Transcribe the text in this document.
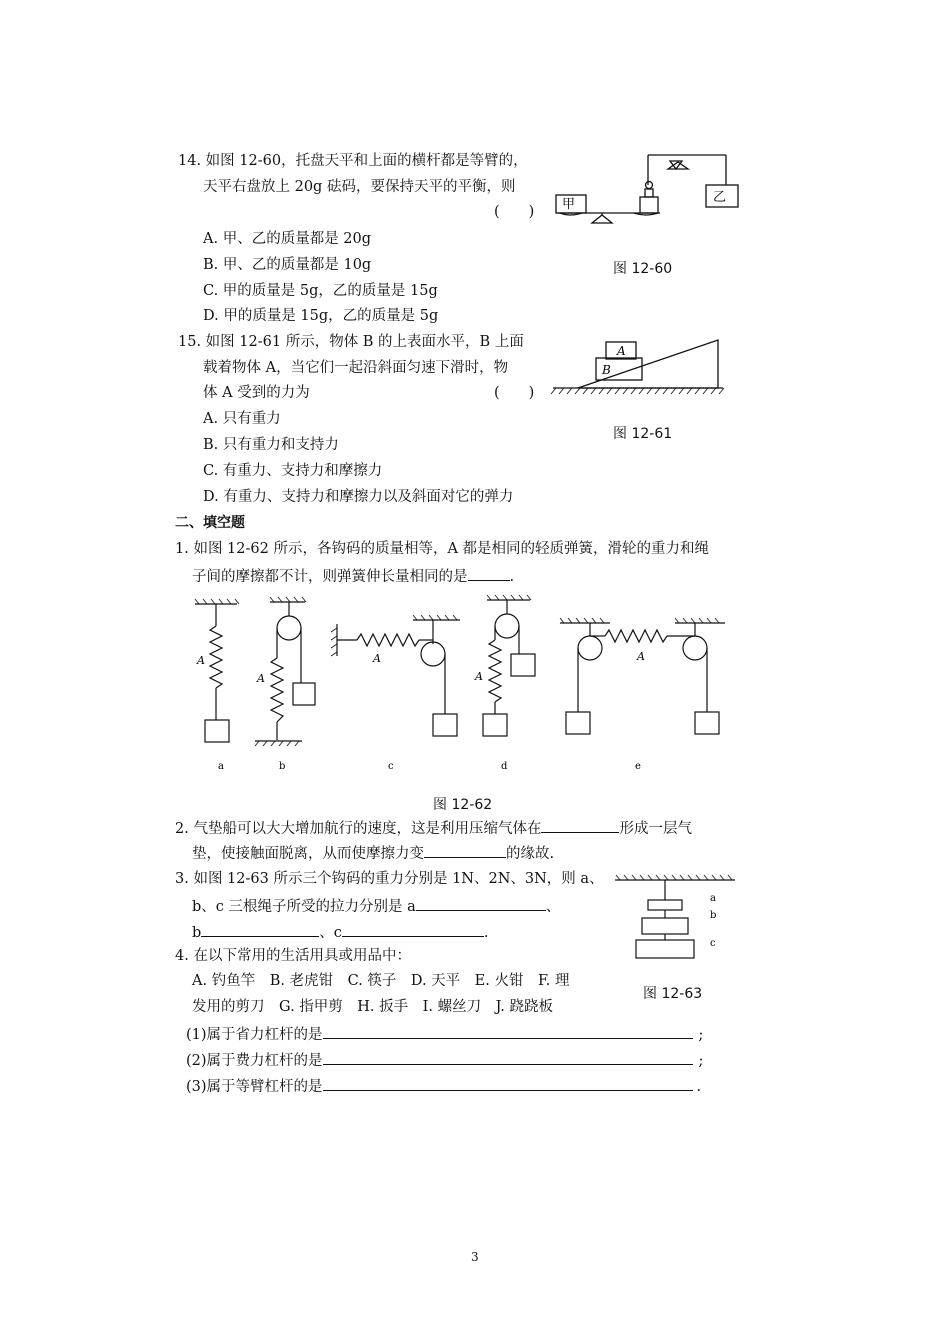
14. 如图 12-60，托盘天平和上面的横杆都是等臂的，
天平右盘放上 20g 砝码，要保持天平的平衡，则
(　　)
A. 甲、乙的质量都是 20g
B. 甲、乙的质量都是 10g
C. 甲的质量是 5g，乙的质量是 15g
D. 甲的质量是 15g，乙的质量是 5g
甲	乙
图 12-60
15. 如图 12-61 所示，物体 B 的上表面水平，B 上面
载着物体 A，当它们一起沿斜面匀速下滑时，物
体 A 受到的力为	(　　)
A. 只有重力
B. 只有重力和支持力
C. 有重力、支持力和摩擦力
D. 有重力、支持力和摩擦力以及斜面对它的弹力
A
B
图 12-61
二、填空题
1. 如图 12-62 所示，各钩码的质量相等，A 都是相同的轻质弹簧，滑轮的重力和绳
子间的摩擦都不计，则弹簧伸长量相同的是	.
A
A
A
A
A
a	b	c	d	e
图 12-62
2. 气垫船可以大大增加航行的速度，这是利用压缩气体在	形成一层气
垫，使接触面脱离，从而使摩擦力变	的缘故.
3. 如图 12-63 所示三个钩码的重力分别是 1N、2N、3N，则 a、
b、c 三根绳子所受的拉力分别是 a	、
b	、c	.
a
b
c
图 12-63
4. 在以下常用的生活用具或用品中：
A. 钓鱼竿　B. 老虎钳　C. 筷子　D. 天平　E. 火钳　F. 理
发用的剪刀　G. 指甲剪　H. 扳手　I. 螺丝刀　J. 跷跷板
(1)属于省力杠杆的是	;
(2)属于费力杠杆的是	;
(3)属于等臂杠杆的是	.
3
